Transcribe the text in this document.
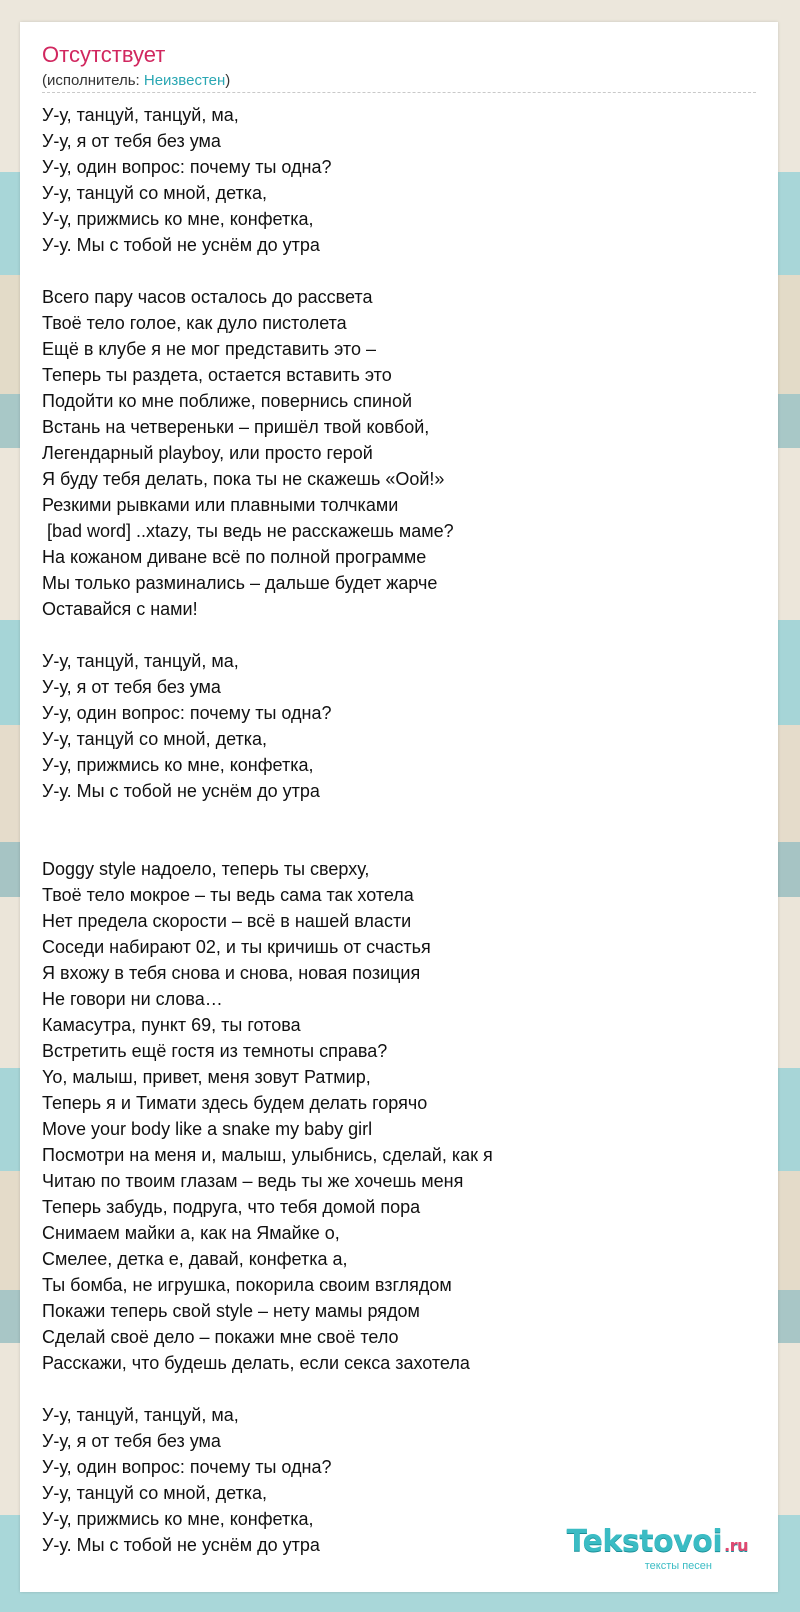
Отсутствует
(исполнитель: Неизвестен)
У-у, танцуй, танцуй, ма,
У-у, я от тебя без ума
У-у, один вопрос: почему ты одна?
У-у, танцуй со мной, детка,
У-у, прижмись ко мне, конфетка,
У-у. Мы с тобой не уснём до утра
Всего пару часов осталось до рассвета
Твоё тело голое, как дуло пистолета
Ещё в клубе я не мог представить это –
Теперь ты раздета, остается вставить это
Подойти ко мне поближе, повернись спиной
Встань на четвереньки – пришёл твой ковбой,
Легендарный playboy, или просто герой
Я буду тебя делать, пока ты не скажешь «Оой!»
Резкими рывками или плавными толчками
[bad word] ..xtazy, ты ведь не расскажешь маме?
На кожаном диване всё по полной программе
Мы только разминались – дальше будет жарче
Оставайся с нами!
У-у, танцуй, танцуй, ма,
У-у, я от тебя без ума
У-у, один вопрос: почему ты одна?
У-у, танцуй со мной, детка,
У-у, прижмись ко мне, конфетка,
У-у. Мы с тобой не уснём до утра
Doggy style надоело, теперь ты сверху,
Твоё тело мокрое – ты ведь сама так хотела
Нет предела скорости – всё в нашей власти
Соседи набирают 02, и ты кричишь от счастья
Я вхожу в тебя снова и снова, новая позиция
Не говори ни слова…
Камасутра, пункт 69, ты готова
Встретить ещё гостя из темноты справа?
Yo, малыш, привет, меня зовут Ратмир,
Теперь я и Тимати здесь будем делать горячо
Move your body like a snake my baby girl
Посмотри на меня и, малыш, улыбнись, сделай, как я
Читаю по твоим глазам – ведь ты же хочешь меня
Теперь забудь, подруга, что тебя домой пора
Снимаем майки а, как на Ямайке о,
Смелее, детка е, давай, конфетка а,
Ты бомба, не игрушка, покорила своим взглядом
Покажи теперь свой style – нету мамы рядом
Сделай своё дело – покажи мне своё тело
Расскажи, что будешь делать, если секса захотела
У-у, танцуй, танцуй, ма,
У-у, я от тебя без ума
У-у, один вопрос: почему ты одна?
У-у, танцуй со мной, детка,
У-у, прижмись ко мне, конфетка,
У-у. Мы с тобой не уснём до утра	Tekstovoi .ru
тексты песен
